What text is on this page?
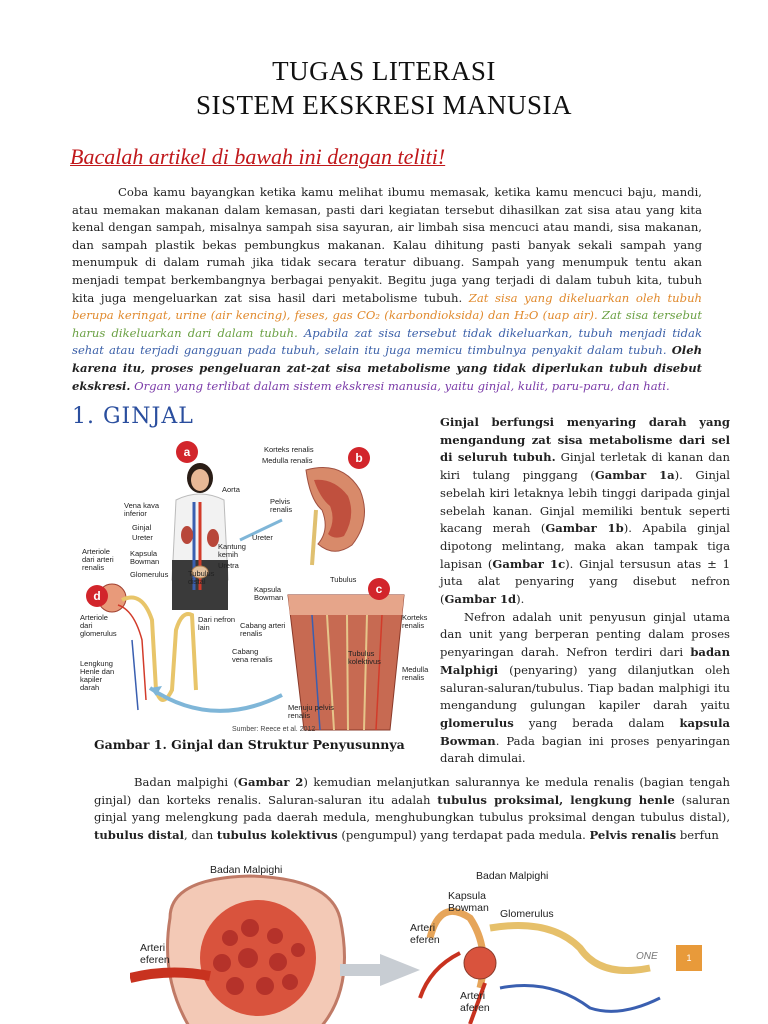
TUGAS LITERASI
SISTEM EKSKRESI MANUSIA
Bacalah artikel di bawah ini dengan teliti!
Coba kamu bayangkan ketika kamu melihat ibumu memasak, ketika kamu mencuci baju, mandi, atau memakan makanan dalam kemasan, pasti dari kegiatan tersebut dihasilkan zat sisa atau yang kita kenal dengan sampah, misalnya sampah sisa sayuran, air limbah sisa mencuci atau mandi, sisa makanan, dan sampah plastik bekas pembungkus makanan. Kalau dihitung pasti banyak sekali sampah yang menumpuk di dalam rumah jika tidak secara teratur dibuang. Sampah yang menumpuk tentu akan menjadi tempat berkembangnya berbagai penyakit. Begitu juga yang terjadi di dalam tubuh kita, tubuh kita juga mengeluarkan zat sisa hasil dari metabolisme tubuh. Zat sisa yang dikeluarkan oleh tubuh berupa keringat, urine (air kencing), feses, gas CO₂ (karbondioksida) dan H₂O (uap air). Zat sisa tersebut harus dikeluarkan dari dalam tubuh. Apabila zat sisa tersebut tidak dikeluarkan, tubuh menjadi tidak sehat atau terjadi gangguan pada tubuh, selain itu juga memicu timbulnya penyakit dalam tubuh. Oleh karena itu, proses pengeluaran zat-zat sisa metabolisme yang tidak diperlukan tubuh disebut ekskresi. Organ yang terlibat dalam sistem ekskresi manusia, yaitu ginjal, kulit, paru-paru, dan hati.
1. GINJAL
a	b
c
d
Aorta
Vena kava
inferior
Ginjal
Ureter
Kantung
kemih
Uretra
Korteks renalis
Medulla renalis
Pelvis
renalis
Ureter
Arteriole
dari arteri
renalis
Kapsula
Bowman
Glomerulus	Tubulus
distal
Arteriole
dari
glomerulus
Dari nefron
lain
Lengkung
Henle dan
kapiler
darah
Tubulus
Kapsula
Bowman
Cabang arteri
renalis
Cabang
vena renalis
Tubulus
kolektivus
Korteks
renalis
Medulla
renalis
Menuju pelvis
renalis
Sumber: Reece et al. 2012
Gambar 1. Ginjal dan Struktur Penyusunnya
Ginjal berfungsi menyaring darah yang mengandung zat sisa metabolisme dari sel di seluruh tubuh. Ginjal terletak di kanan dan kiri tulang pinggang (Gambar 1a). Ginjal sebelah kiri letaknya lebih tinggi daripada ginjal sebelah kanan. Ginjal memiliki bentuk seperti kacang merah (Gambar 1b). Apabila ginjal dipotong melintang, maka akan tampak tiga lapisan (Gambar 1c). Ginjal tersusun atas ± 1 juta alat penyaring yang disebut nefron (Gambar 1d).
Nefron adalah unit penyusun ginjal utama dan unit yang berperan penting dalam proses penyaringan darah. Nefron terdiri dari badan Malphigi (penyaring) yang dilanjutkan oleh saluran-saluran/tubulus. Tiap badan malphigi itu mengandung gulungan kapiler darah yaitu glomerulus yang berada dalam kapsula Bowman. Pada bagian ini proses penyaringan darah dimulai.
Badan malpighi (Gambar 2) kemudian melanjutkan salurannya ke medula renalis (bagian tengah ginjal) dan korteks renalis. Saluran-saluran itu adalah tubulus proksimal, lengkung henle (saluran ginjal yang melengkung pada daerah medula, menghubungkan tubulus proksimal dengan tubulus distal), tubulus distal, dan tubulus kolektivus (pengumpul) yang terdapat pada medula. Pelvis renalis berfun
Badan Malpighi
Arteri
eferen
Badan Malpighi
Kapsula
Bowman Glomerulus
Arteri
eferen
Arteri
aferen
ONE	1
